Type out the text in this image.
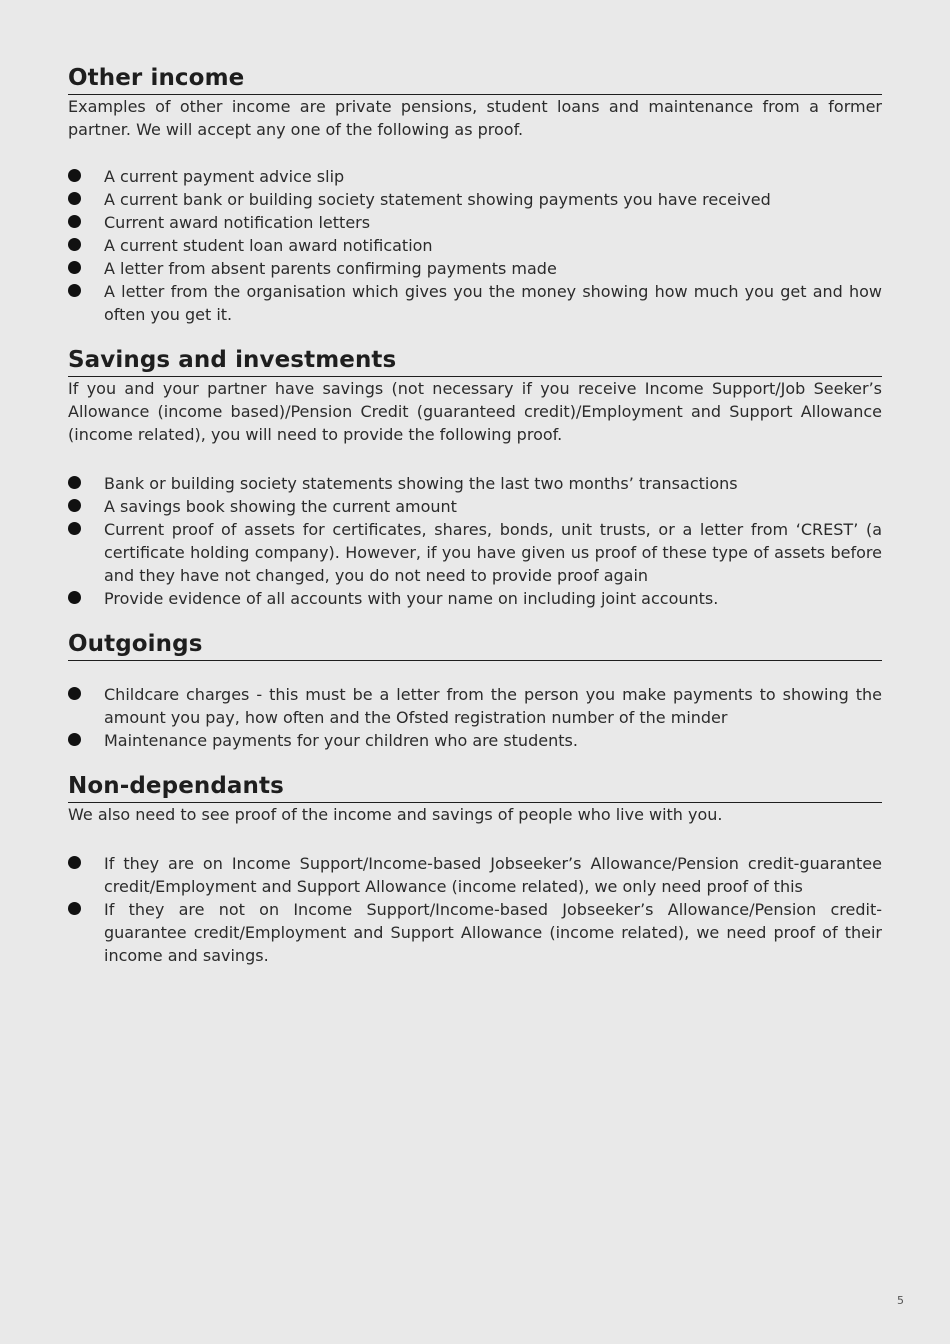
Other income

Examples of other income are private pensions, student loans and maintenance from a former partner. We will accept any one of the following as proof.

A current payment advice slip
A current bank or building society statement showing payments you have received
Current award notification letters
A current student loan award notification
A letter from absent parents confirming payments made
A letter from the organisation which gives you the money showing how much you get and how often you get it.
Savings and investments

If you and your partner have savings (not necessary if you receive Income Support/Job Seeker’s Allowance (income based)/Pension Credit (guaranteed credit)/Employment and Support Allowance (income related), you will need to provide the following proof.

Bank or building society statements showing the last two months’ transactions
A savings book showing the current amount
Current proof of assets for certificates, shares, bonds, unit trusts, or a letter from ‘CREST’ (a certificate holding company). However, if you have given us proof of these type of assets before and they have not changed, you do not need to provide proof again
Provide evidence of all accounts with your name on including joint accounts.
Outgoings
Childcare charges - this must be a letter from the person you make payments to showing the amount you pay, how often and the Ofsted registration number of the minder
Maintenance payments for your children who are students.
Non-dependants

We also need to see proof of the income and savings of people who live with you.

If they are on Income Support/Income-based Jobseeker’s Allowance/Pension credit-guarantee credit/Employment and Support Allowance (income related), we only need proof of this
If they are not on Income Support/Income-based Jobseeker’s Allowance/Pension credit-guarantee credit/Employment and Support Allowance (income related), we need proof of their income and savings.
5
